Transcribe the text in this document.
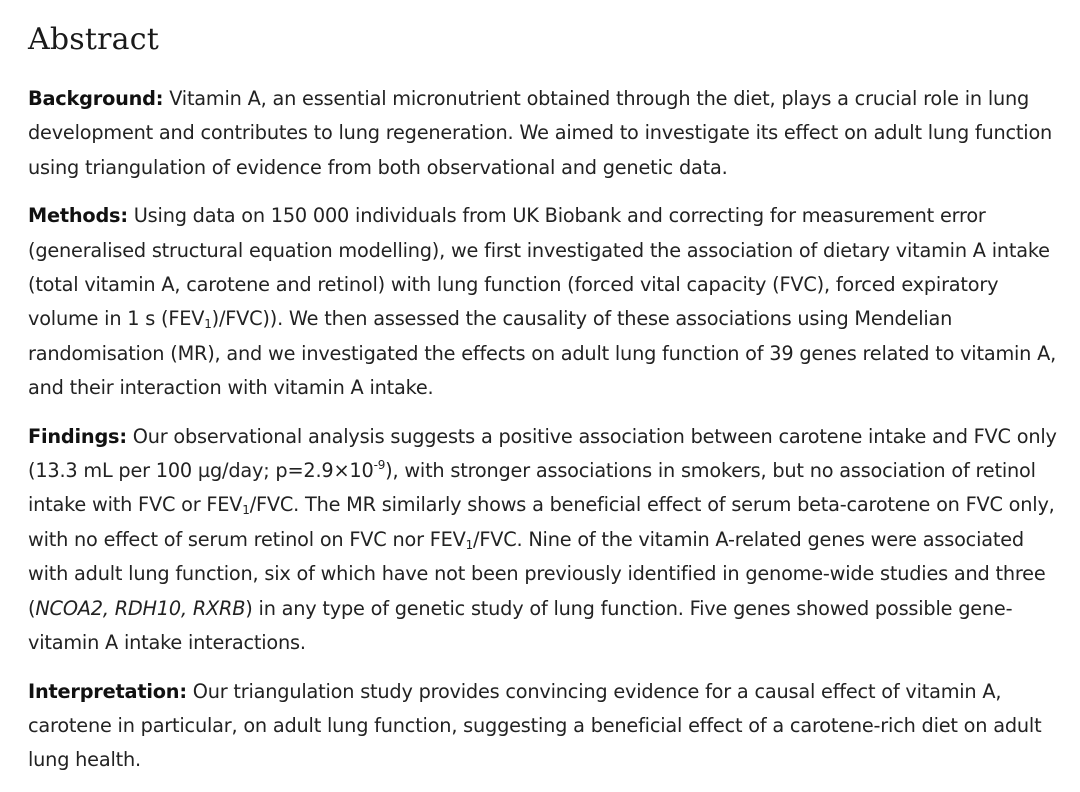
Abstract

Background: Vitamin A, an essential micronutrient obtained through the diet, plays a crucial role in lung development and contributes to lung regeneration. We aimed to investigate its effect on adult lung function using triangulation of evidence from both observational and genetic data.

Methods: Using data on 150 000 individuals from UK Biobank and correcting for measurement error (generalised structural equation modelling), we first investigated the association of dietary vitamin A intake (total vitamin A, carotene and retinol) with lung function (forced vital capacity (FVC), forced expiratory volume in 1 s $(FEV_1)/FVC$)). We then assessed the causality of these associations using Mendelian randomisation (MR), and we investigated the effects on adult lung function of 39 genes related to vitamin A, and their interaction with vitamin A intake.

Findings: Our observational analysis suggests a positive association between carotene intake and FVC only (13.3 mL per 100 µg/day; $p=2.9\times 10^{-9}$), with stronger associations in smokers, but no association of retinol intake with FVC or $FEV_1$/FVC. The MR similarly shows a beneficial effect of serum beta-carotene on FVC only, with no effect of serum retinol on FVC nor $FEV_1$/FVC. Nine of the vitamin A-related genes were associated with adult lung function, six of which have not been previously identified in genome-wide studies and three (NCOA2, RDH10, RXRB) in any type of genetic study of lung function. Five genes showed possible gene-vitamin A intake interactions.

Interpretation: Our triangulation study provides convincing evidence for a causal effect of vitamin A, carotene in particular, on adult lung function, suggesting a beneficial effect of a carotene-rich diet on adult lung health.
